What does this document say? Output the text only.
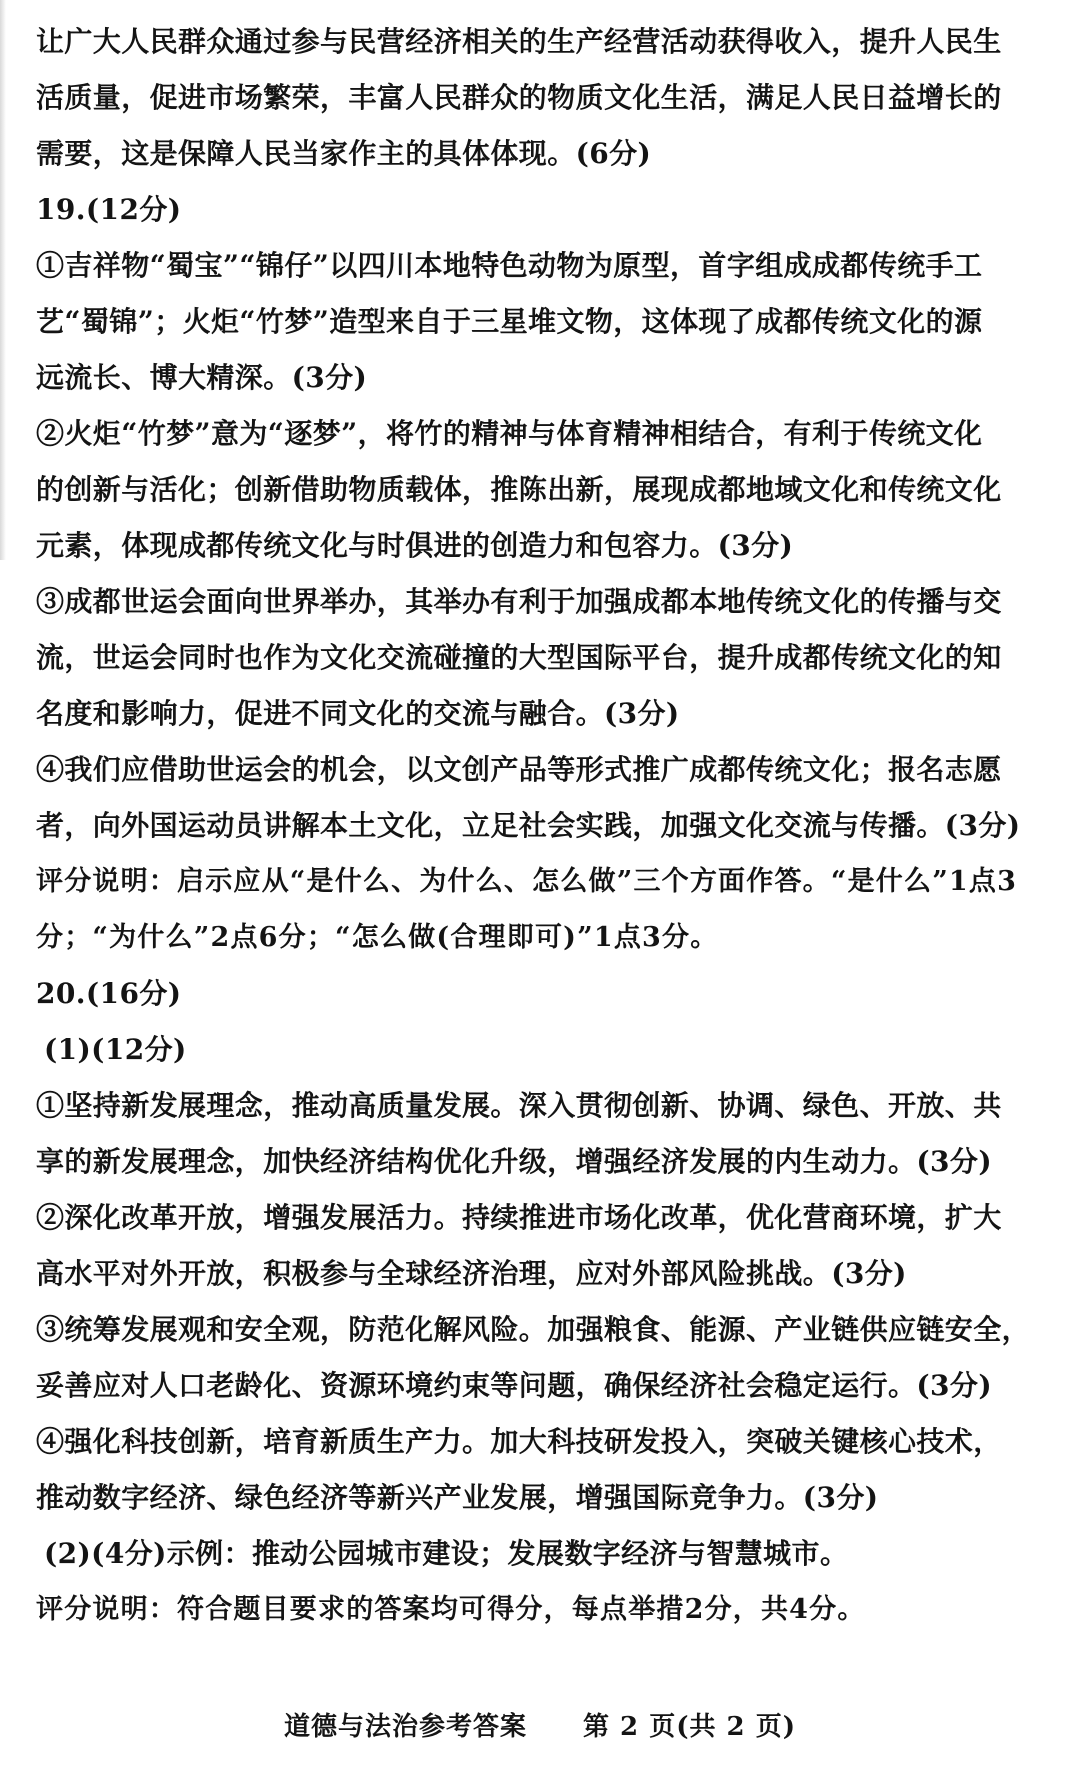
让广大人民群众通过参与民营经济相关的生产经营活动获得收入，提升人民生
活质量，促进市场繁荣，丰富人民群众的物质文化生活，满足人民日益增长的
需要，这是保障人民当家作主的具体体现。(6分)
19.(12分)
①吉祥物“蜀宝”“锦仔”以四川本地特色动物为原型，首字组成成都传统手工
艺“蜀锦”；火炬“竹梦”造型来自于三星堆文物，这体现了成都传统文化的源
远流长、博大精深。(3分)
②火炬“竹梦”意为“逐梦”，将竹的精神与体育精神相结合，有利于传统文化
的创新与活化；创新借助物质载体，推陈出新，展现成都地域文化和传统文化
元素，体现成都传统文化与时俱进的创造力和包容力。(3分)
③成都世运会面向世界举办，其举办有利于加强成都本地传统文化的传播与交
流，世运会同时也作为文化交流碰撞的大型国际平台，提升成都传统文化的知
名度和影响力，促进不同文化的交流与融合。(3分)
④我们应借助世运会的机会，以文创产品等形式推广成都传统文化；报名志愿
者，向外国运动员讲解本土文化，立足社会实践，加强文化交流与传播。(3分)
评分说明：启示应从“是什么、为什么、怎么做”三个方面作答。“是什么”1点3
分；“为什么”2点6分；“怎么做(合理即可)”1点3分。
20.(16分)
(1)(12分)
①坚持新发展理念，推动高质量发展。深入贯彻创新、协调、绿色、开放、共
享的新发展理念，加快经济结构优化升级，增强经济发展的内生动力。(3分)
②深化改革开放，增强发展活力。持续推进市场化改革，优化营商环境，扩大
高水平对外开放，积极参与全球经济治理，应对外部风险挑战。(3分)
③统筹发展观和安全观，防范化解风险。加强粮食、能源、产业链供应链安全，
妥善应对人口老龄化、资源环境约束等问题，确保经济社会稳定运行。(3分)
④强化科技创新，培育新质生产力。加大科技研发投入，突破关键核心技术，
推动数字经济、绿色经济等新兴产业发展，增强国际竞争力。(3分)
(2)(4分)示例：推动公园城市建设；发展数字经济与智慧城市。
评分说明：符合题目要求的答案均可得分，每点举措2分，共4分。
道德与法治参考答案 第 2 页(共 2 页)
